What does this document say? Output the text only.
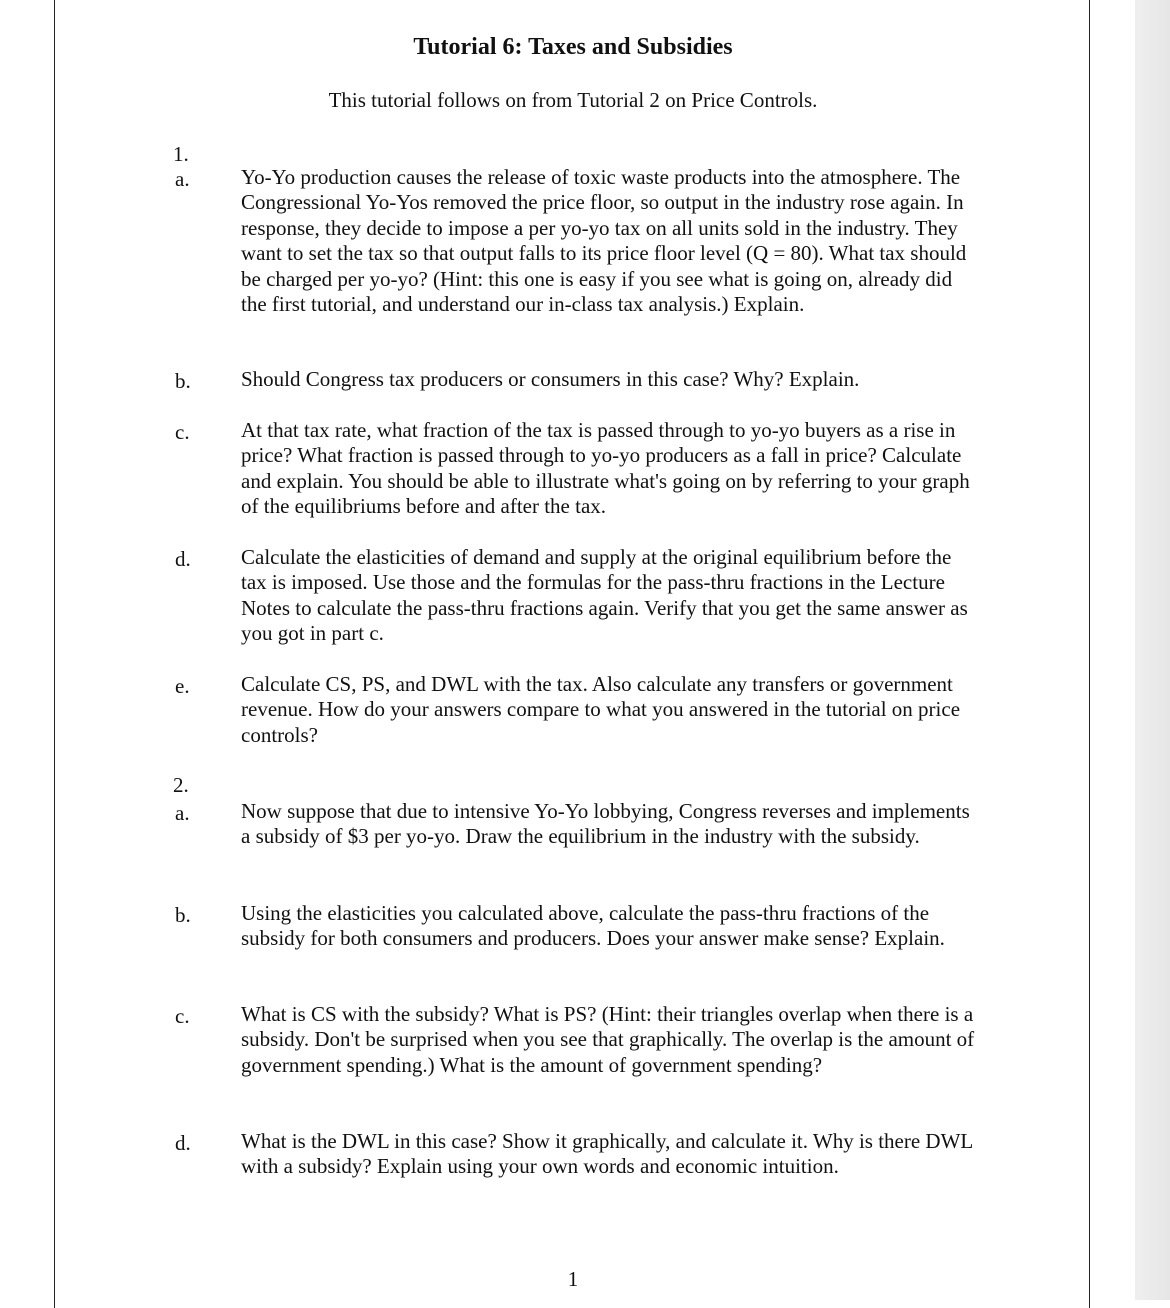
Tutorial 6: Taxes and Subsidies

This tutorial follows on from Tutorial 2 on Price Controls.

1.
a. Yo-Yo production causes the release of toxic waste products into the atmosphere. The Congressional Yo-Yos removed the price floor, so output in the industry rose again. In response, they decide to impose a per yo-yo tax on all units sold in the industry. They want to set the tax so that output falls to its price floor level (Q = 80). What tax should be charged per yo-yo? (Hint: this one is easy if you see what is going on, already did the first tutorial, and understand our in-class tax analysis.) Explain.

b. Should Congress tax producers or consumers in this case? Why? Explain.

c. At that tax rate, what fraction of the tax is passed through to yo-yo buyers as a rise in price? What fraction is passed through to yo-yo producers as a fall in price? Calculate and explain. You should be able to illustrate what's going on by referring to your graph of the equilibriums before and after the tax.

d. Calculate the elasticities of demand and supply at the original equilibrium before the tax is imposed. Use those and the formulas for the pass-thru fractions in the Lecture Notes to calculate the pass-thru fractions again. Verify that you get the same answer as you got in part c.

e. Calculate CS, PS, and DWL with the tax. Also calculate any transfers or government revenue. How do your answers compare to what you answered in the tutorial on price controls?

2.
a. Now suppose that due to intensive Yo-Yo lobbying, Congress reverses and implements a subsidy of $3 per yo-yo. Draw the equilibrium in the industry with the subsidy.

b. Using the elasticities you calculated above, calculate the pass-thru fractions of the subsidy for both consumers and producers. Does your answer make sense? Explain.

c. What is CS with the subsidy? What is PS? (Hint: their triangles overlap when there is a subsidy. Don't be surprised when you see that graphically. The overlap is the amount of government spending.) What is the amount of government spending?

d. What is the DWL in this case? Show it graphically, and calculate it. Why is there DWL with a subsidy? Explain using your own words and economic intuition.

1
